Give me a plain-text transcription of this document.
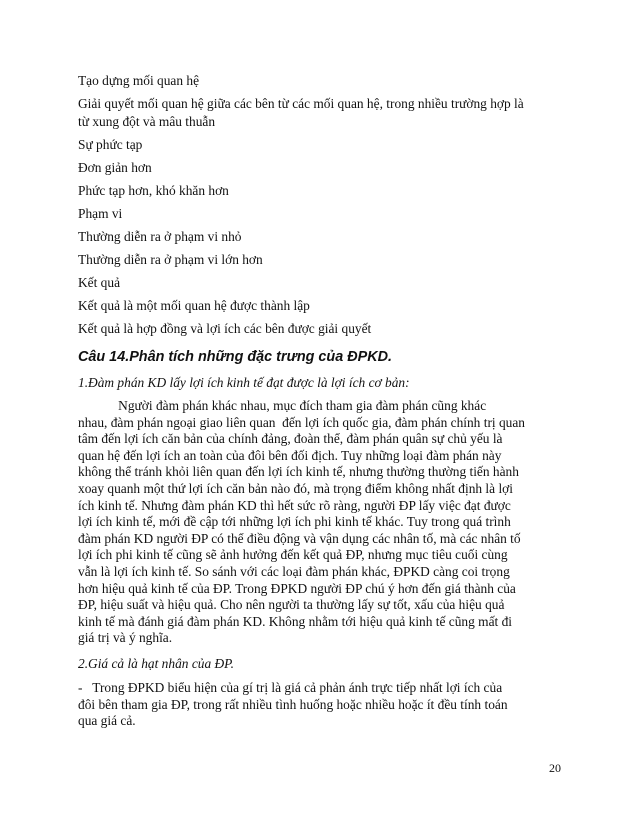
Tạo dựng mối quan hệ
Giải quyết mối quan hệ giữa các bên từ các mối quan hệ, trong nhiều trường hợp là
từ xung đột và mâu thuẫn
Sự phức tạp
Đơn giản hơn
Phức tạp hơn, khó khăn hơn
Phạm vi
Thường diễn ra ở phạm vi nhỏ
Thường diễn ra ở phạm vi lớn hơn
Kết quả
Kết quả là một mối quan hệ được thành lập
Kết quả là hợp đồng và lợi ích các bên được giải quyết
Câu 14.Phân tích những đặc trưng của ĐPKD.
1.Đàm phán KD lấy lợi ích kinh tế đạt được là lợi ích cơ bản:
Người đàm phán khác nhau, mục đích tham gia đàm phán cũng khác
nhau, đàm phán ngoại giao liên quan  đến lợi ích quốc gia, đàm phán chính trị quan
tâm đến lợi ích căn bản của chính đảng, đoàn thể, đàm phán quân sự chủ yếu là
quan hệ đến lợi ích an toàn của đôi bên đối địch. Tuy những loại đàm phán này
không thể tránh khỏi liên quan đến lợi ích kinh tế, nhưng thường thường tiến hành
xoay quanh một thứ lợi ích căn bản nào đó, mà trọng điểm không nhất định là lợi
ích kinh tế. Nhưng đàm phán KD thì hết sức rõ ràng, người ĐP lấy việc đạt được
lợi ích kinh tế, mới đề cập tới những lợi ích phi kinh tế khác. Tuy trong quá trình
đàm phán KD người ĐP có thể điều động và vận dụng các nhân tố, mà các nhân tố
lợi ích phi kinh tế cũng sẽ ảnh hưởng đến kết quả ĐP, nhưng mục tiêu cuối cùng
vẫn là lợi ích kinh tế. So sánh với các loại đàm phán khác, ĐPKD càng coi trọng
hơn hiệu quả kinh tế của ĐP. Trong ĐPKD người ĐP chú ý hơn đến giá thành của
ĐP, hiệu suất và hiệu quả. Cho nên người ta thường lấy sự tốt, xấu của hiệu quả
kinh tế mà đánh giá đàm phán KD. Không nhằm tới hiệu quả kinh tế cũng mất đi
giá trị và ý nghĩa.
2.Giá cả là hạt nhân của ĐP.
-   Trong ĐPKD biểu hiện của gí trị là giá cả phản ánh trực tiếp nhất lợi ích của
đôi bên tham gia ĐP, trong rất nhiều tình huống hoặc nhiều hoặc ít đều tính toán
qua giá cả.
20
